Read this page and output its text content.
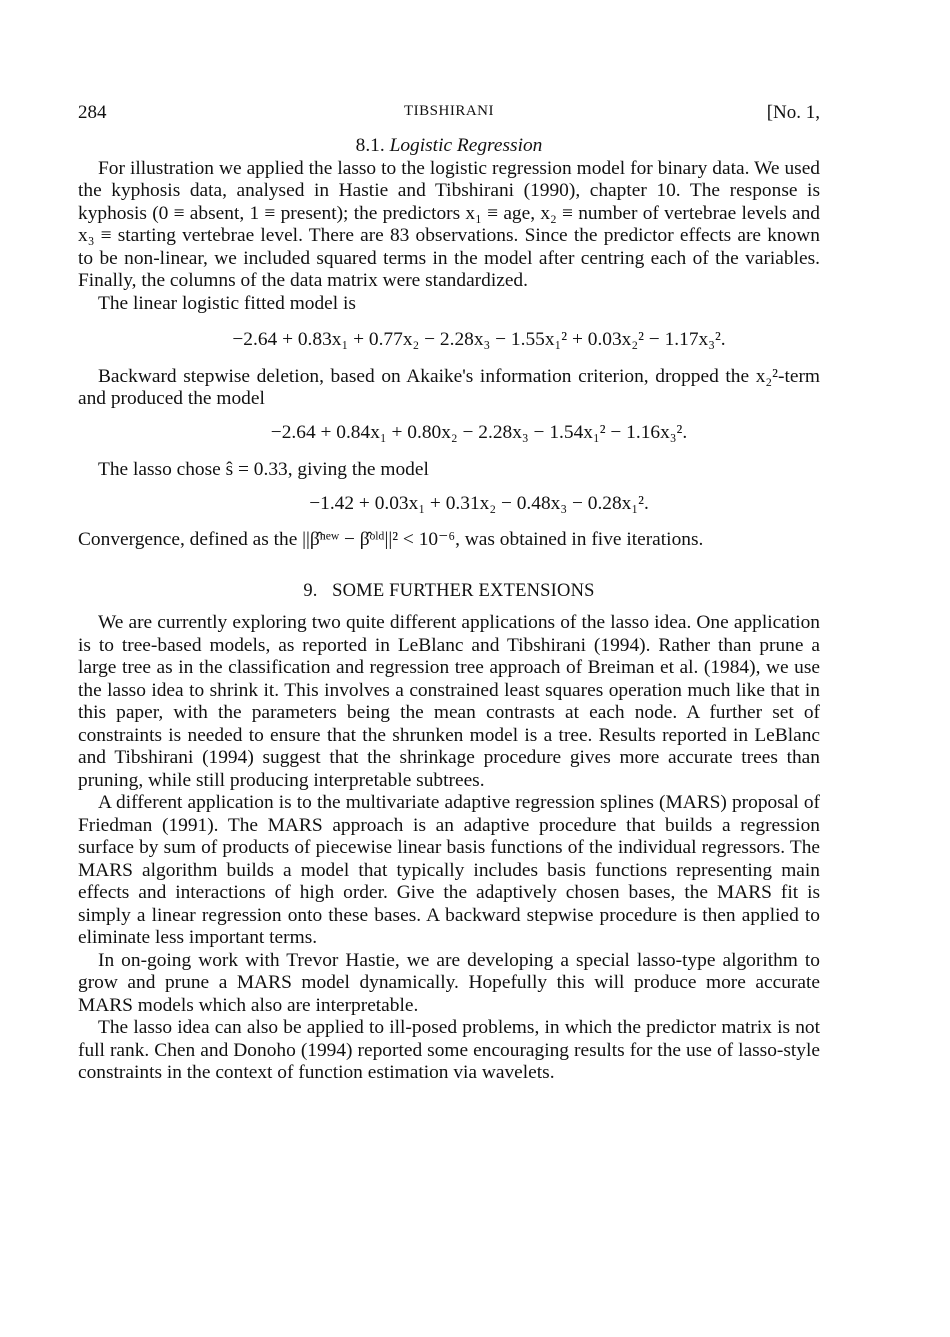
284	TIBSHIRANI	[No. 1,
8.1. Logistic Regression

For illustration we applied the lasso to the logistic regression model for binary data. We used the kyphosis data, analysed in Hastie and Tibshirani (1990), chapter 10. The response is kyphosis (0 ≡ absent, 1 ≡ present); the predictors x₁ ≡ age, x₂ ≡ number of vertebrae levels and x₃ ≡ starting vertebrae level. There are 83 observations. Since the predictor effects are known to be non-linear, we included squared terms in the model after centring each of the variables. Finally, the columns of the data matrix were standardized.

The linear logistic fitted model is

−2.64 + 0.83x₁ + 0.77x₂ − 2.28x₃ − 1.55x₁² + 0.03x₂² − 1.17x₃².

Backward stepwise deletion, based on Akaike's information criterion, dropped the x₂²-term and produced the model

−2.64 + 0.84x₁ + 0.80x₂ − 2.28x₃ − 1.54x₁² − 1.16x₃².

The lasso chose ŝ = 0.33, giving the model

−1.42 + 0.03x₁ + 0.31x₂ − 0.48x₃ − 0.28x₁².

Convergence, defined as the ||β̂ⁿᵉʷ − β̂ᵒˡᵈ||² < 10⁻⁶, was obtained in five iterations.

9. SOME FURTHER EXTENSIONS

We are currently exploring two quite different applications of the lasso idea. One application is to tree-based models, as reported in LeBlanc and Tibshirani (1994). Rather than prune a large tree as in the classification and regression tree approach of Breiman et al. (1984), we use the lasso idea to shrink it. This involves a constrained least squares operation much like that in this paper, with the parameters being the mean contrasts at each node. A further set of constraints is needed to ensure that the shrunken model is a tree. Results reported in LeBlanc and Tibshirani (1994) suggest that the shrinkage procedure gives more accurate trees than pruning, while still producing interpretable subtrees.

A different application is to the multivariate adaptive regression splines (MARS) proposal of Friedman (1991). The MARS approach is an adaptive procedure that builds a regression surface by sum of products of piecewise linear basis functions of the individual regressors. The MARS algorithm builds a model that typically includes basis functions representing main effects and interactions of high order. Give the adaptively chosen bases, the MARS fit is simply a linear regression onto these bases. A backward stepwise procedure is then applied to eliminate less important terms.

In on-going work with Trevor Hastie, we are developing a special lasso-type algorithm to grow and prune a MARS model dynamically. Hopefully this will produce more accurate MARS models which also are interpretable.

The lasso idea can also be applied to ill-posed problems, in which the predictor matrix is not full rank. Chen and Donoho (1994) reported some encouraging results for the use of lasso-style constraints in the context of function estimation via wavelets.
